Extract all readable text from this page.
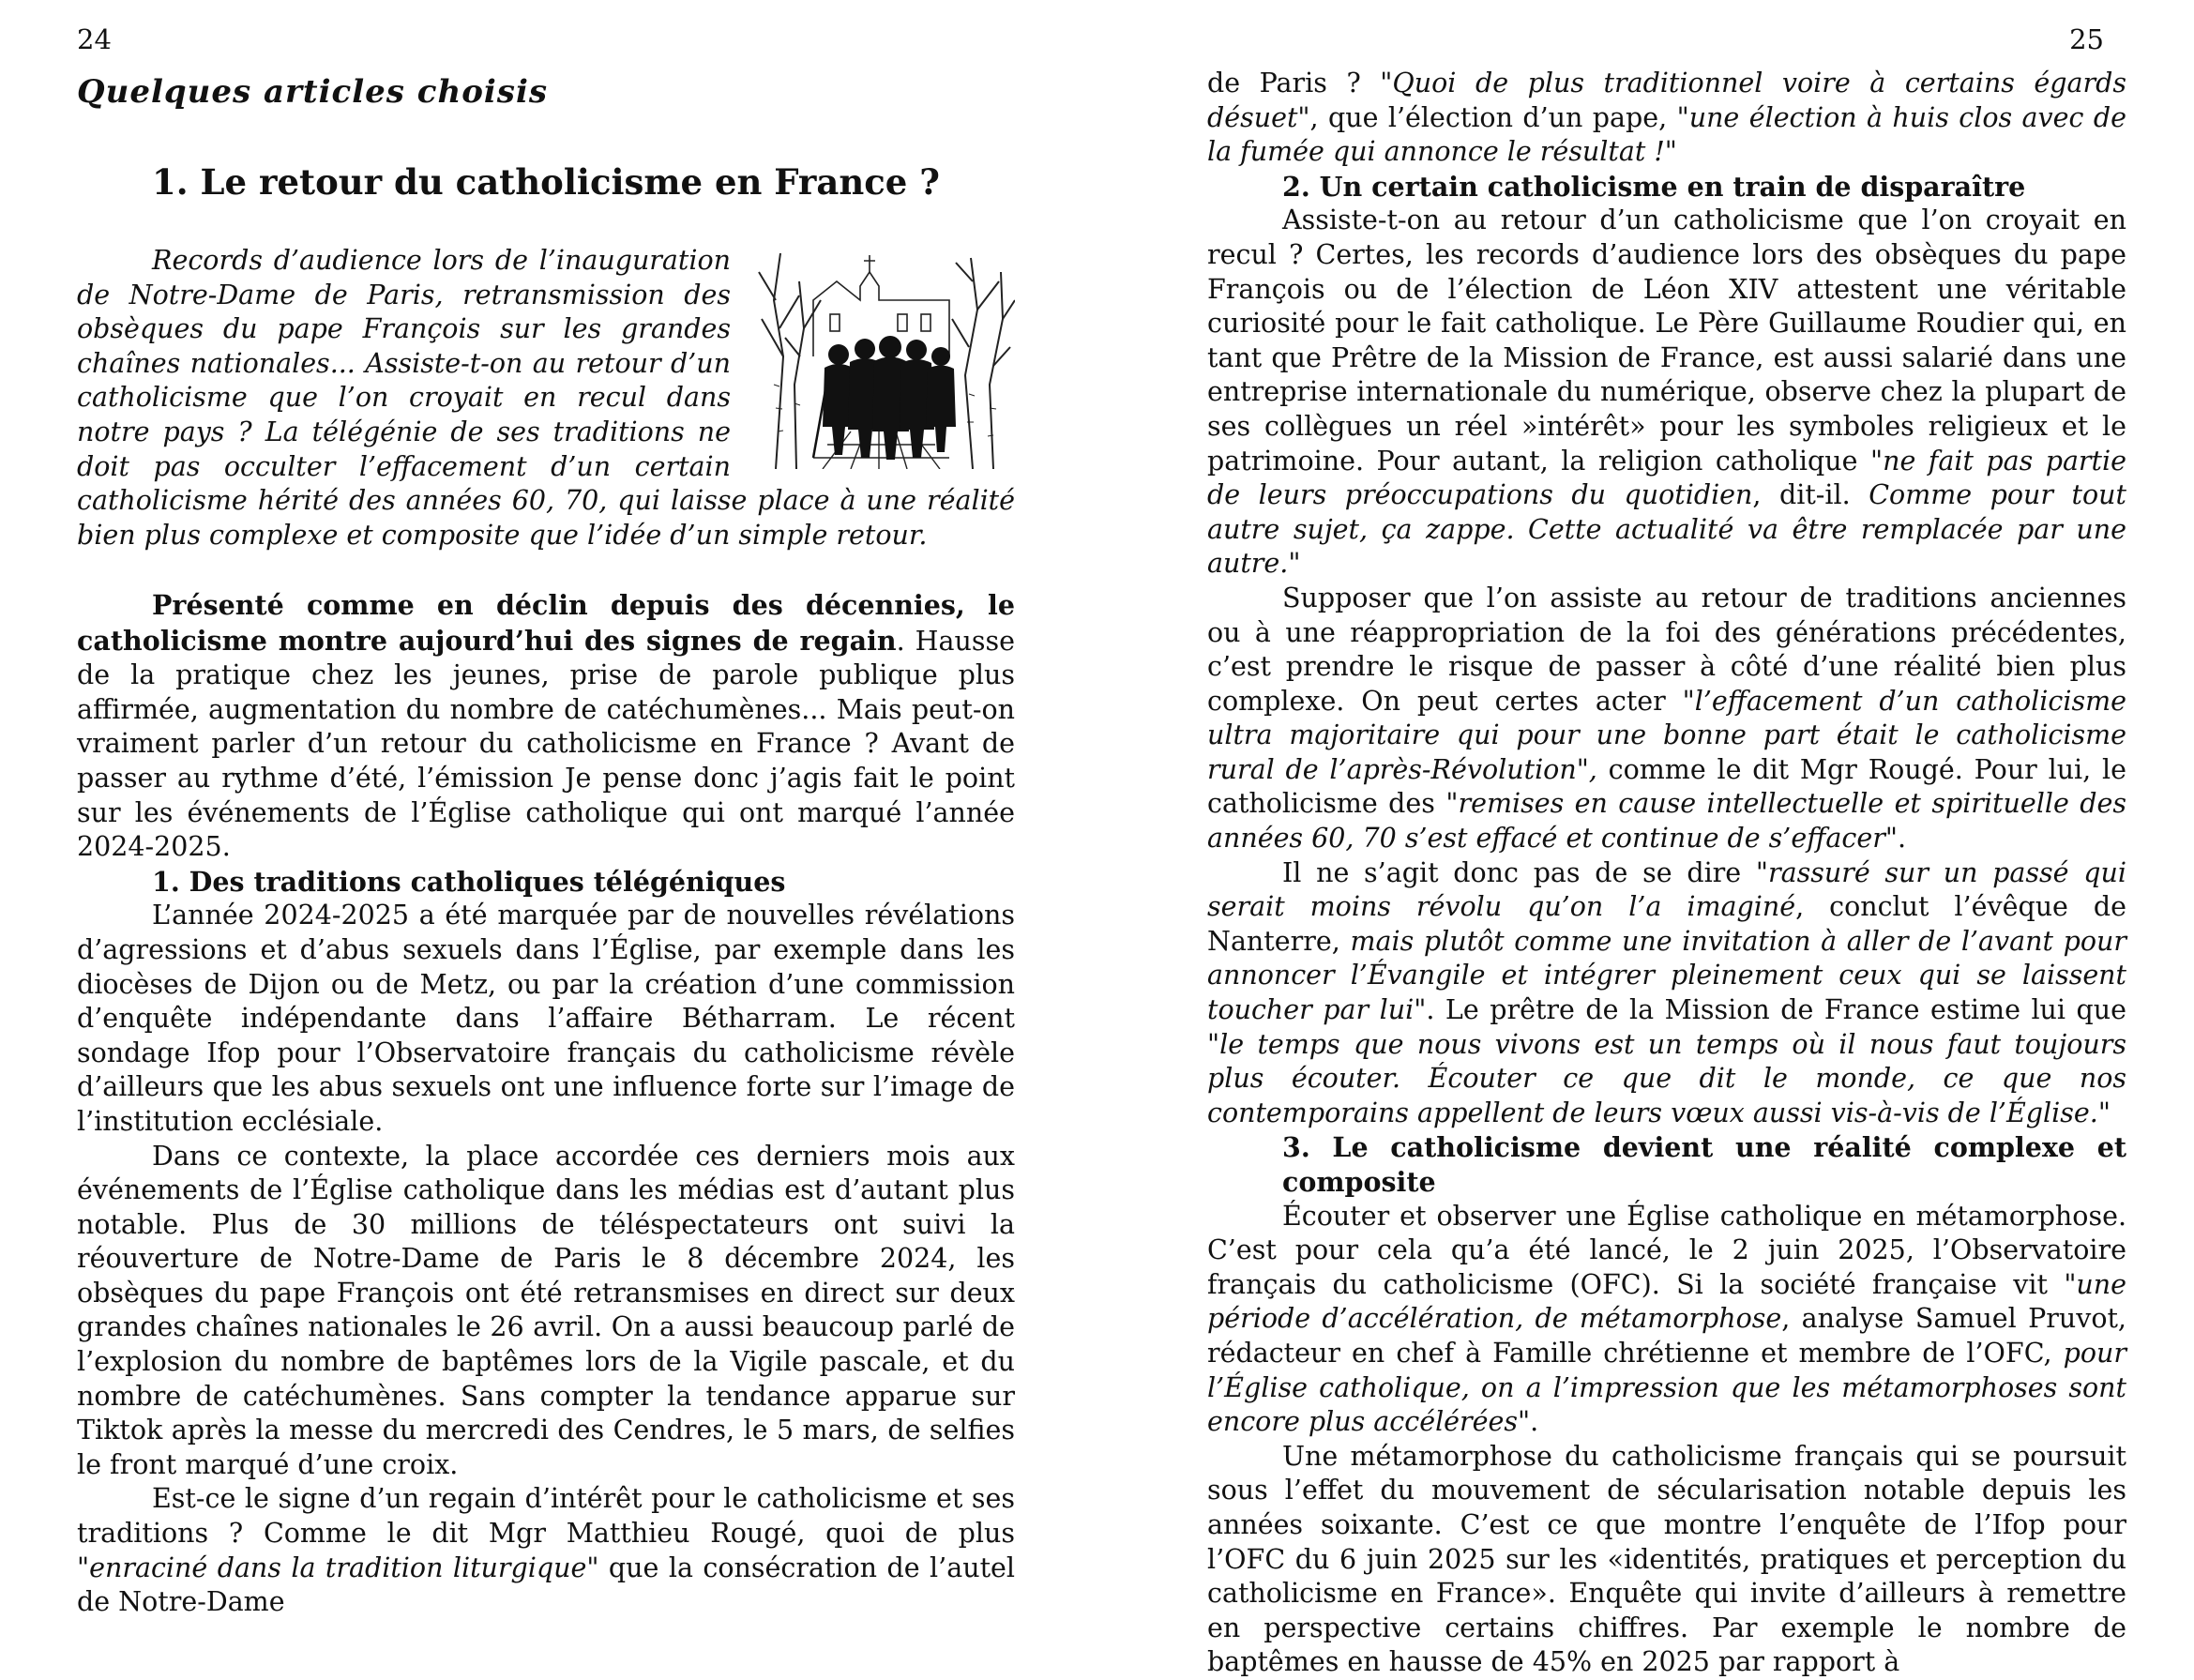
24
Quelques articles choisis
1. Le retour du catholicisme en France ?

Records d’audience lors de l’inauguration de Notre-Dame de Paris, retransmission des obsèques du pape François sur les grandes chaînes nationales... Assiste-t-on au retour d’un catholicisme que l’on croyait en recul dans notre pays ? La télégénie de ses traditions ne doit pas occulter l’effacement d’un certain catholicisme hérité des années 60, 70, qui laisse place à une réalité bien plus complexe et composite que l’idée d’un simple retour.

Présenté comme en déclin depuis des décennies, le catholicisme montre aujourd’hui des signes de regain. Hausse de la pratique chez les jeunes, prise de parole publique plus affirmée, augmentation du nombre de catéchumènes... Mais peut-on vraiment parler d’un retour du catholicisme en France ? Avant de passer au rythme d’été, l’émission Je pense donc j’agis fait le point sur les événements de l’Église catholique qui ont marqué l’année 2024-2025.

1. Des traditions catholiques télégéniques

L’année 2024-2025 a été marquée par de nouvelles révélations d’agressions et d’abus sexuels dans l’Église, par exemple dans les diocèses de Dijon ou de Metz, ou par la création d’une commission d’enquête indépendante dans l’affaire Bétharram. Le récent sondage Ifop pour l’Observatoire français du catholicisme révèle d’ailleurs que les abus sexuels ont une influence forte sur l’image de l’institution ecclésiale.

Dans ce contexte, la place accordée ces derniers mois aux événements de l’Église catholique dans les médias est d’autant plus notable. Plus de 30 millions de téléspectateurs ont suivi la réouverture de Notre-Dame de Paris le 8 décembre 2024, les obsèques du pape François ont été retransmises en direct sur deux grandes chaînes nationales le 26 avril. On a aussi beaucoup parlé de l’explosion du nombre de baptêmes lors de la Vigile pascale, et du nombre de catéchumènes. Sans compter la tendance apparue sur Tiktok après la messe du mercredi des Cendres, le 5 mars, de selfies le front marqué d’une croix.

Est-ce le signe d’un regain d’intérêt pour le catholicisme et ses traditions ? Comme le dit Mgr Matthieu Rougé, quoi de plus "enraciné dans la tradition liturgique" que la consécration de l’autel de Notre-Dame

25

de Paris ? "Quoi de plus traditionnel voire à certains égards désuet", que l’élection d’un pape, "une élection à huis clos avec de la fumée qui annonce le résultat !"

2. Un certain catholicisme en train de disparaître

Assiste-t-on au retour d’un catholicisme que l’on croyait en recul ? Certes, les records d’audience lors des obsèques du pape François ou de l’élection de Léon XIV attestent une véritable curiosité pour le fait catholique. Le Père Guillaume Roudier qui, en tant que Prêtre de la Mission de France, est aussi salarié dans une entreprise internationale du numérique, observe chez la plupart de ses collègues un réel »intérêt» pour les symboles religieux et le patrimoine. Pour autant, la religion catholique "ne fait pas partie de leurs préoccupations du quotidien, dit-il. Comme pour tout autre sujet, ça zappe. Cette actualité va être remplacée par une autre."

Supposer que l’on assiste au retour de traditions anciennes ou à une réappropriation de la foi des générations précédentes, c’est prendre le risque de passer à côté d’une réalité bien plus complexe. On peut certes acter "l’effacement d’un catholicisme ultra majoritaire qui pour une bonne part était le catholicisme rural de l’après-Révolution", comme le dit Mgr Rougé. Pour lui, le catholicisme des "remises en cause intellectuelle et spirituelle des années 60, 70 s’est effacé et continue de s’effacer".

Il ne s’agit donc pas de se dire "rassuré sur un passé qui serait moins révolu qu’on l’a imaginé, conclut l’évêque de Nanterre, mais plutôt comme une invitation à aller de l’avant pour annoncer l’Évangile et intégrer pleinement ceux qui se laissent toucher par lui". Le prêtre de la Mission de France estime lui que "le temps que nous vivons est un temps où il nous faut toujours plus écouter. Écouter ce que dit le monde, ce que nos contemporains appellent de leurs vœux aussi vis-à-vis de l’Église."

3. Le catholicisme devient une réalité complexe et composite

Écouter et observer une Église catholique en métamorphose. C’est pour cela qu’a été lancé, le 2 juin 2025, l’Observatoire français du catholicisme (OFC). Si la société française vit "une période d’accélération, de métamorphose, analyse Samuel Pruvot, rédacteur en chef à Famille chrétienne et membre de l’OFC, pour l’Église catholique, on a l’impression que les métamorphoses sont encore plus accélérées".

Une métamorphose du catholicisme français qui se poursuit sous l’effet du mouvement de sécularisation notable depuis les années soixante. C’est ce que montre l’enquête de l’Ifop pour l’OFC du 6 juin 2025 sur les «identités, pratiques et perception du catholicisme en France». Enquête qui invite d’ailleurs à remettre en perspective certains chiffres. Par exemple le nombre de baptêmes en hausse de 45% en 2025 par rapport à
